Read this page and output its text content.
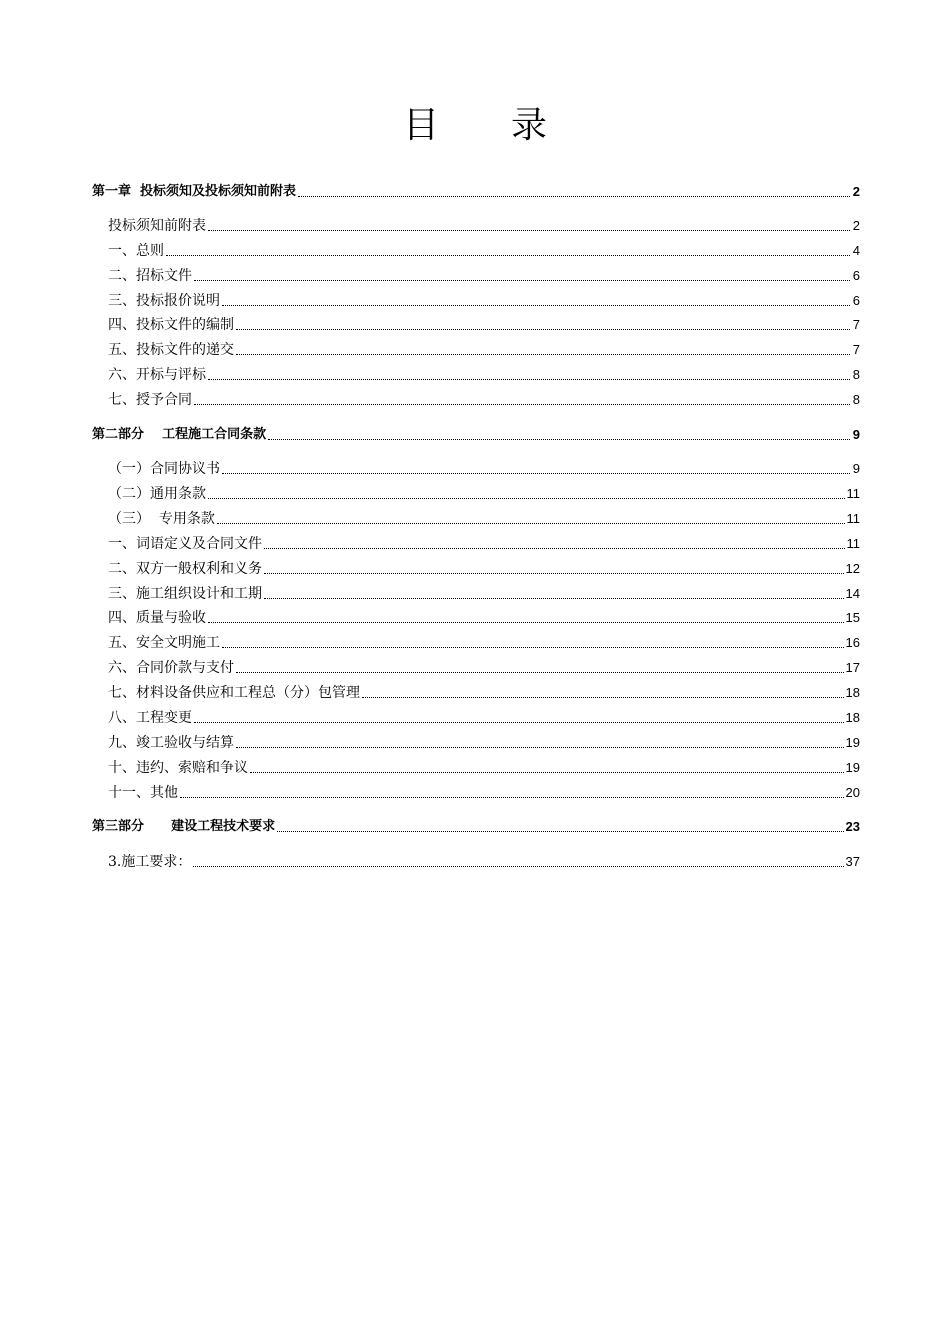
目　　录
第一章  投标须知及投标须知前附表	2
投标须知前附表	2
一、总则	4
二、招标文件	6
三、投标报价说明	6
四、投标文件的编制	7
五、投标文件的递交	7
六、开标与评标	8
七、授予合同	8
第二部分    工程施工合同条款	9
（一）合同协议书	9
（二）通用条款	11
（三）  专用条款	11
一、词语定义及合同文件	11
二、双方一般权利和义务	12
三、施工组织设计和工期	14
四、质量与验收	15
五、安全文明施工	16
六、合同价款与支付	17
七、材料设备供应和工程总（分）包管理	18
八、工程变更	18
九、竣工验收与结算	19
十、违约、索赔和争议	19
十一、其他	20
第三部分      建设工程技术要求	23
3.施工要求：	37
